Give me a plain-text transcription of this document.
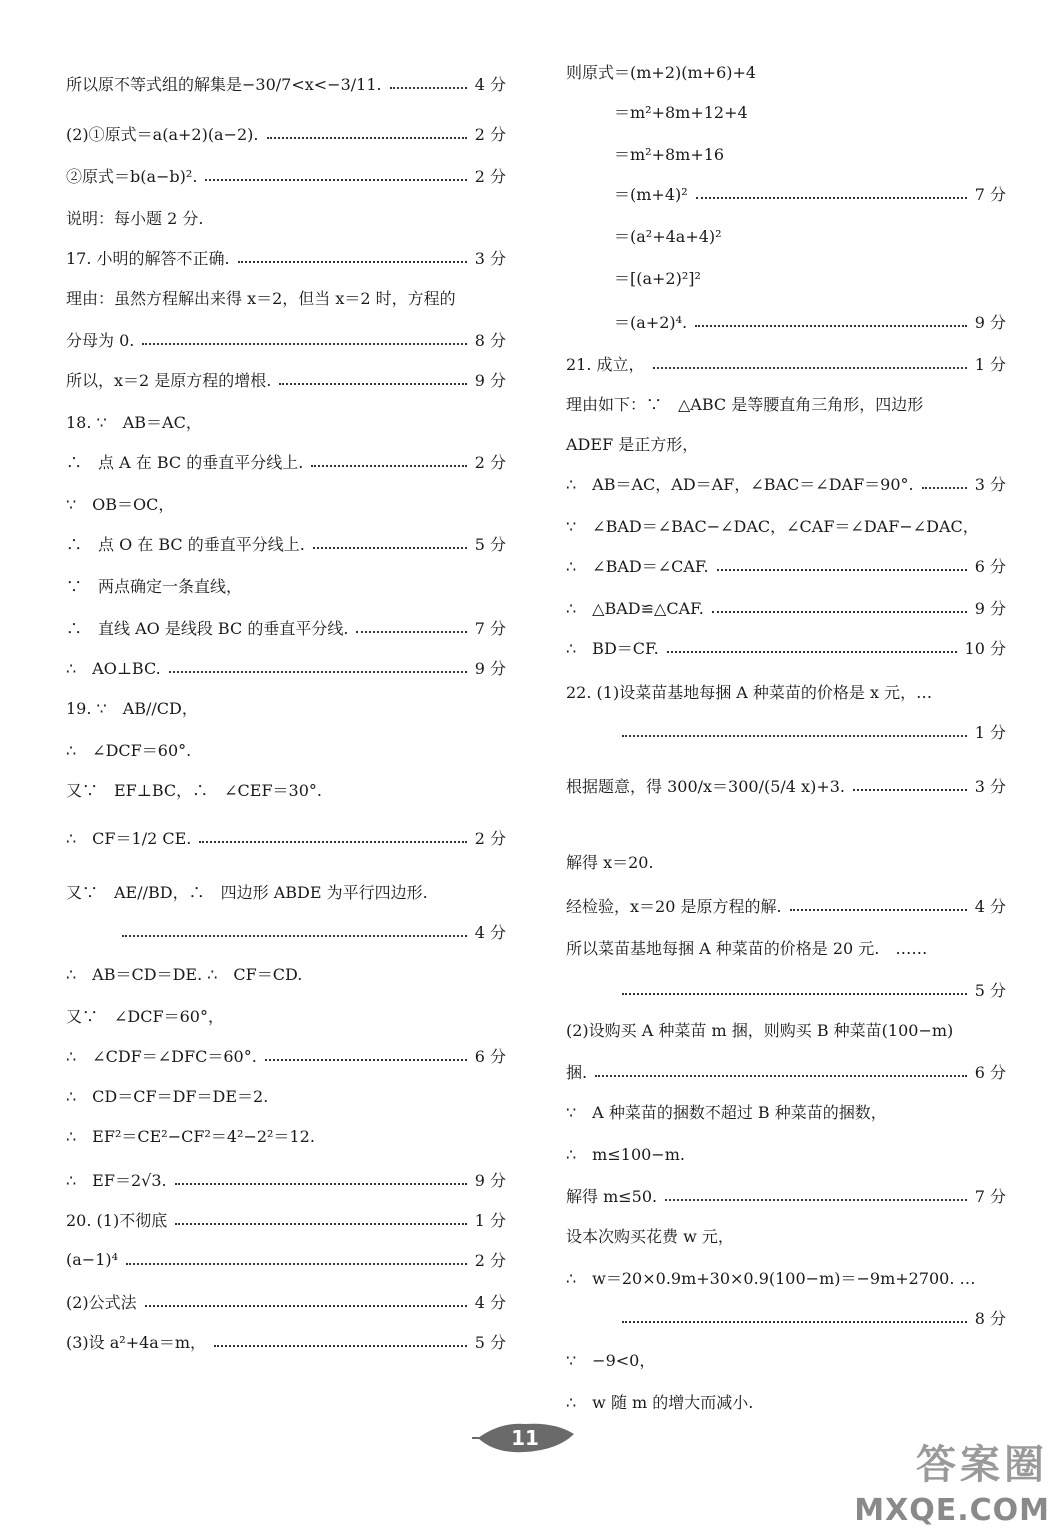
所以原不等式组的解集是−30/7<x<−3/11.	4 分
(2)①原式＝a(a+2)(a−2).	2 分
②原式＝b(a−b)².	2 分
说明：每小题 2 分.
17. 小明的解答不正确.	3 分
理由：虽然方程解出来得 x＝2，但当 x＝2 时，方程的
分母为 0.	8 分
所以，x＝2 是原方程的增根.	9 分
18. ∵　AB＝AC，
∴　点 A 在 BC 的垂直平分线上.	2 分
∵　OB＝OC，
∴　点 O 在 BC 的垂直平分线上.	5 分
∵　两点确定一条直线，
∴　直线 AO 是线段 BC 的垂直平分线.	7 分
∴　AO⊥BC.	9 分
19. ∵　AB//CD，
∴　∠DCF＝60°.
又∵　EF⊥BC，∴　∠CEF＝30°.
∴　CF＝1/2 CE.	2 分
又∵　AE//BD，∴　四边形 ABDE 为平行四边形.
4 分
∴　AB＝CD＝DE. ∴　CF＝CD.
又∵　∠DCF＝60°，
∴　∠CDF＝∠DFC＝60°.	6 分
∴　CD＝CF＝DF＝DE＝2.
∴　EF²＝CE²−CF²＝4²−2²＝12.
∴　EF＝2√3.	9 分
20. (1)不彻底	1 分
(a−1)⁴	2 分
(2)公式法	4 分
(3)设 a²+4a＝m，	5 分
则原式＝(m+2)(m+6)+4
＝m²+8m+12+4
＝m²+8m+16
＝(m+4)²	7 分
＝(a²+4a+4)²
＝[(a+2)²]²
＝(a+2)⁴.	9 分
21. 成立，	1 分
理由如下：∵　△ABC 是等腰直角三角形，四边形
ADEF 是正方形，
∴　AB＝AC，AD＝AF，∠BAC＝∠DAF＝90°.	3 分
∵　∠BAD＝∠BAC−∠DAC，∠CAF＝∠DAF−∠DAC，
∴　∠BAD＝∠CAF.	6 分
∴　△BAD≌△CAF.	9 分
∴　BD＝CF.	10 分
22. (1)设菜苗基地每捆 A 种菜苗的价格是 x 元，…
1 分
根据题意，得 300/x＝300/(5/4 x)+3.	3 分
解得 x＝20.
经检验，x＝20 是原方程的解.	4 分
所以菜苗基地每捆 A 种菜苗的价格是 20 元.　……
5 分
(2)设购买 A 种菜苗 m 捆，则购买 B 种菜苗(100−m)
捆.	6 分
∵　A 种菜苗的捆数不超过 B 种菜苗的捆数，
∴　m≤100−m.
解得 m≤50.	7 分
设本次购买花费 w 元，
∴　w＝20×0.9m+30×0.9(100−m)＝−9m+2700. …
8 分
∵　−9<0，
∴　w 随 m 的增大而减小.
11
答案圈
MXQE.COM
